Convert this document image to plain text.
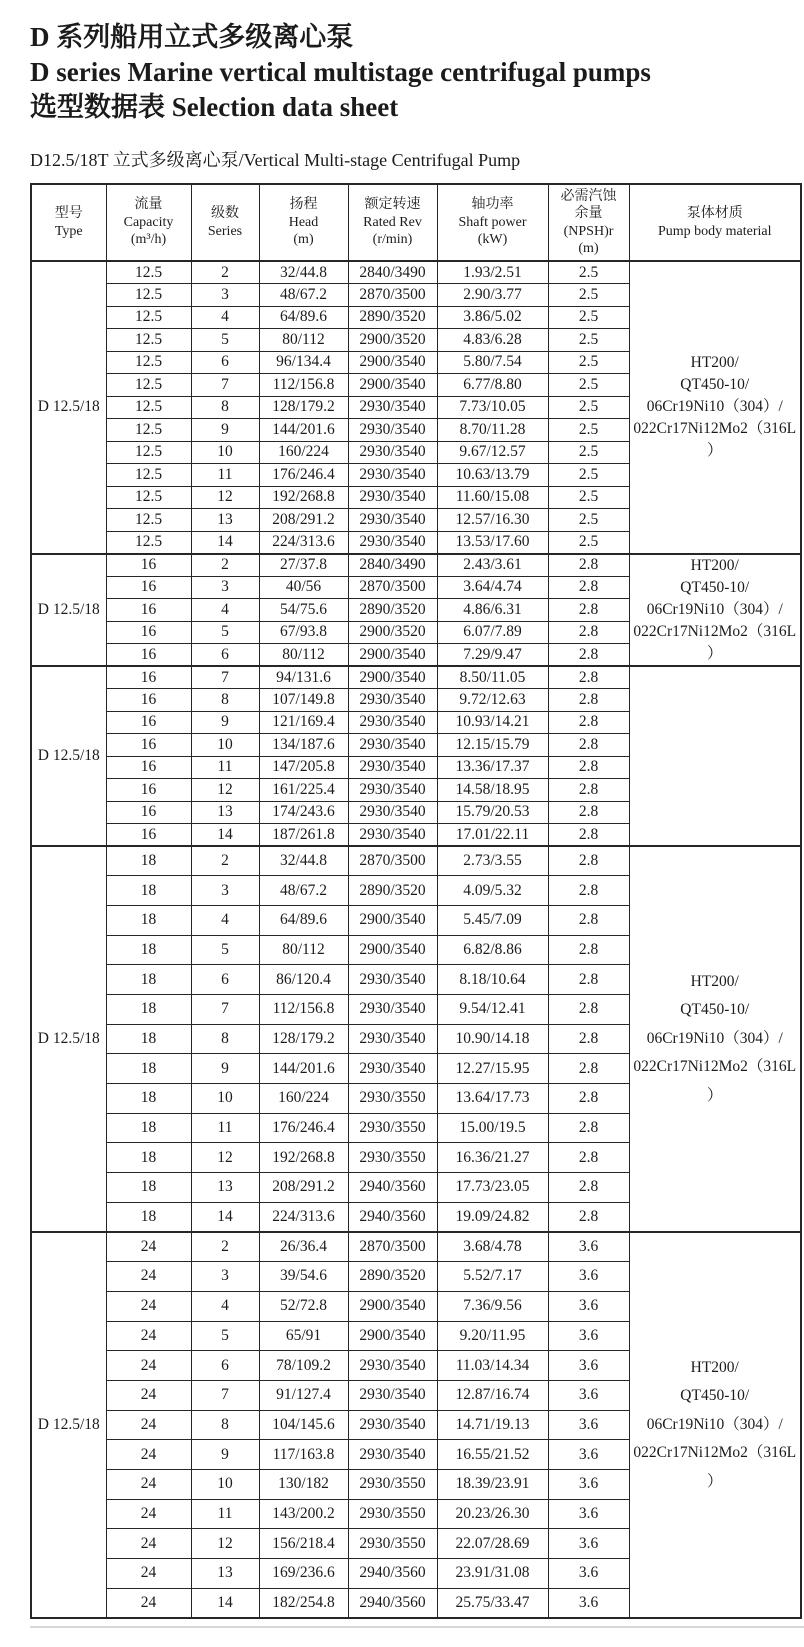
D 系列船用立式多级离心泵
D series Marine vertical multistage centrifugal pumps
选型数据表 Selection data sheet
D12.5/18T 立式多级离心泵/Vertical Multi-stage Centrifugal Pump
型号
Type

流量
Capacity
(m³/h)

级数
Series

扬程
Head
(m)

额定转速
Rated Rev
(r/min)

轴功率
Shaft power
(kW)

必需汽蚀
余量
(NPSH)r
(m)

泵体材质
Pump body material

D 12.5/18	12.5	2	32/44.8	2840/3490	1.93/2.51	2.5	HT200/
QT450-10/
06Cr19Ni10（304）/
022Cr17Ni12Mo2（316L
）

	12.5	3	48/67.2	2870/3500	2.90/3.77	2.5	
	12.5	4	64/89.6	2890/3520	3.86/5.02	2.5	
	12.5	5	80/112	2900/3520	4.83/6.28	2.5	
	12.5	6	96/134.4	2900/3540	5.80/7.54	2.5	
	12.5	7	112/156.8	2900/3540	6.77/8.80	2.5	
	12.5	8	128/179.2	2930/3540	7.73/10.05	2.5	
	12.5	9	144/201.6	2930/3540	8.70/11.28	2.5	
	12.5	10	160/224	2930/3540	9.67/12.57	2.5	
	12.5	11	176/246.4	2930/3540	10.63/13.79	2.5	
	12.5	12	192/268.8	2930/3540	11.60/15.08	2.5	
	12.5	13	208/291.2	2930/3540	12.57/16.30	2.5	
	12.5	14	224/313.6	2930/3540	13.53/17.60	2.5	
D 12.5/18	16	2	27/37.8	2840/3490	2.43/3.61	2.8	HT200/
QT450-10/
06Cr19Ni10（304）/
022Cr17Ni12Mo2（316L
）

	16	3	40/56	2870/3500	3.64/4.74	2.8	
	16	4	54/75.6	2890/3520	4.86/6.31	2.8	
	16	5	67/93.8	2900/3520	6.07/7.89	2.8	
	16	6	80/112	2900/3540	7.29/9.47	2.8	
D 12.5/18	16	7	94/131.6	2900/3540	8.50/11.05	2.8	
	16	8	107/149.8	2930/3540	9.72/12.63	2.8	
	16	9	121/169.4	2930/3540	10.93/14.21	2.8	
	16	10	134/187.6	2930/3540	12.15/15.79	2.8	
	16	11	147/205.8	2930/3540	13.36/17.37	2.8	
	16	12	161/225.4	2930/3540	14.58/18.95	2.8	
	16	13	174/243.6	2930/3540	15.79/20.53	2.8	
	16	14	187/261.8	2930/3540	17.01/22.11	2.8	
D 12.5/18	18	2	32/44.8	2870/3500	2.73/3.55	2.8	HT200/
QT450-10/
06Cr19Ni10（304）/
022Cr17Ni12Mo2（316L
）

	18	3	48/67.2	2890/3520	4.09/5.32	2.8	
	18	4	64/89.6	2900/3540	5.45/7.09	2.8	
	18	5	80/112	2900/3540	6.82/8.86	2.8	
	18	6	86/120.4	2930/3540	8.18/10.64	2.8	
	18	7	112/156.8	2930/3540	9.54/12.41	2.8	
	18	8	128/179.2	2930/3540	10.90/14.18	2.8	
	18	9	144/201.6	2930/3540	12.27/15.95	2.8	
	18	10	160/224	2930/3550	13.64/17.73	2.8	
	18	11	176/246.4	2930/3550	15.00/19.5	2.8	
	18	12	192/268.8	2930/3550	16.36/21.27	2.8	
	18	13	208/291.2	2940/3560	17.73/23.05	2.8	
	18	14	224/313.6	2940/3560	19.09/24.82	2.8	
D 12.5/18	24	2	26/36.4	2870/3500	3.68/4.78	3.6	HT200/
QT450-10/
06Cr19Ni10（304）/
022Cr17Ni12Mo2（316L
）

	24	3	39/54.6	2890/3520	5.52/7.17	3.6	
	24	4	52/72.8	2900/3540	7.36/9.56	3.6	
	24	5	65/91	2900/3540	9.20/11.95	3.6	
	24	6	78/109.2	2930/3540	11.03/14.34	3.6	
	24	7	91/127.4	2930/3540	12.87/16.74	3.6	
	24	8	104/145.6	2930/3540	14.71/19.13	3.6	
	24	9	117/163.8	2930/3540	16.55/21.52	3.6	
	24	10	130/182	2930/3550	18.39/23.91	3.6	
	24	11	143/200.2	2930/3550	20.23/26.30	3.6	
	24	12	156/218.4	2930/3550	22.07/28.69	3.6	
	24	13	169/236.6	2940/3560	23.91/31.08	3.6	
	24	14	182/254.8	2940/3560	25.75/33.47	3.6	
